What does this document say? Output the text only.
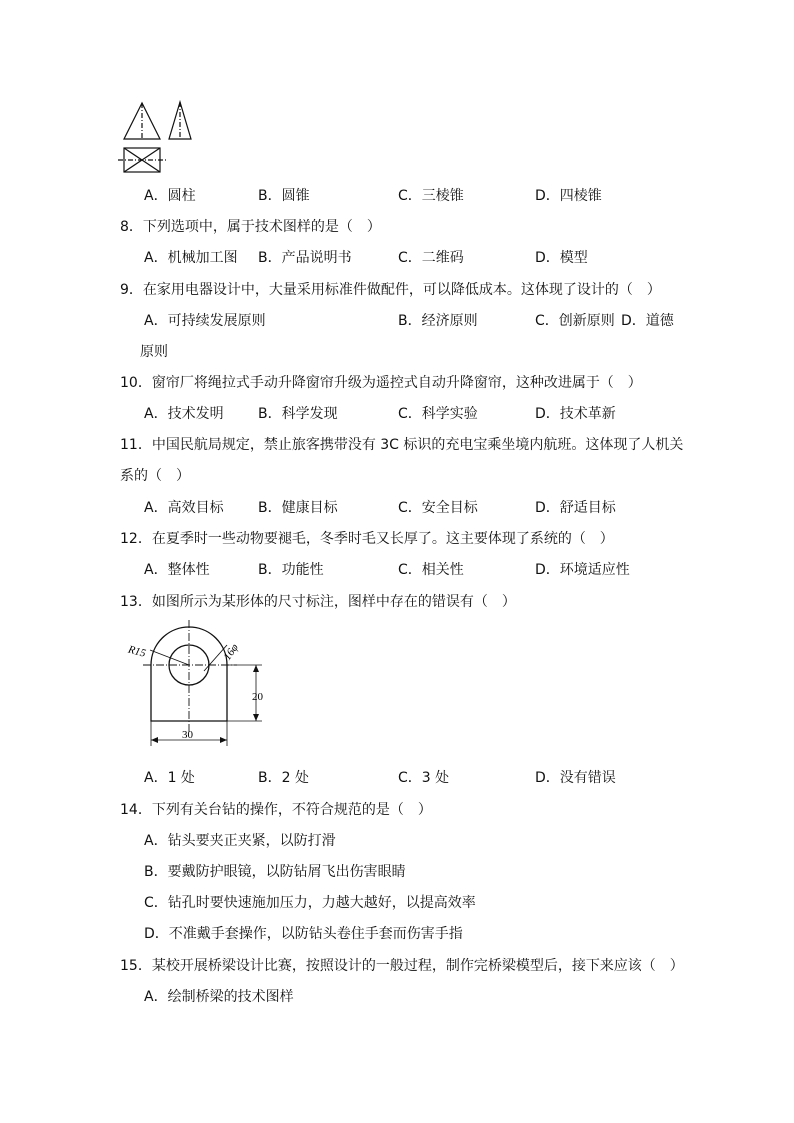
A．圆柱	B．圆锥	C．三棱锥	D．四棱锥
8．下列选项中，属于技术图样的是（　）
A．机械加工图 B．产品说明书	C．二维码	D．模型
9．在家用电器设计中，大量采用标准件做配件，可以降低成本。这体现了设计的（　）
A．可持续发展原则	B．经济原则	C．创新原则 D．道德
原则
10．窗帘厂将绳拉式手动升降窗帘升级为遥控式自动升降窗帘，这种改进属于（　）
A．技术发明 B．科学发现	C．科学实验	D．技术革新
11．中国民航局规定，禁止旅客携带没有 3C 标识的充电宝乘坐境内航班。这体现了人机关
系的（　）
A．高效目标 B．健康目标	C．安全目标	D．舒适目标
12．在夏季时一些动物要褪毛，冬季时毛又长厚了。这主要体现了系统的（　）
A．整体性	B．功能性	C．相关性	D．环境适应性
13．如图所示为某形体的尺寸标注，图样中存在的错误有（　）
R15	16φ
20
30
A．1 处	B．2 处	C．3 处	D．没有错误
14．下列有关台钻的操作，不符合规范的是（　）
A．钻头要夹正夹紧，以防打滑
B．要戴防护眼镜，以防钻屑飞出伤害眼睛
C．钻孔时要快速施加压力，力越大越好，以提高效率
D．不准戴手套操作，以防钻头卷住手套而伤害手指
15．某校开展桥梁设计比赛，按照设计的一般过程，制作完桥梁模型后，接下来应该（　）
A．绘制桥梁的技术图样
